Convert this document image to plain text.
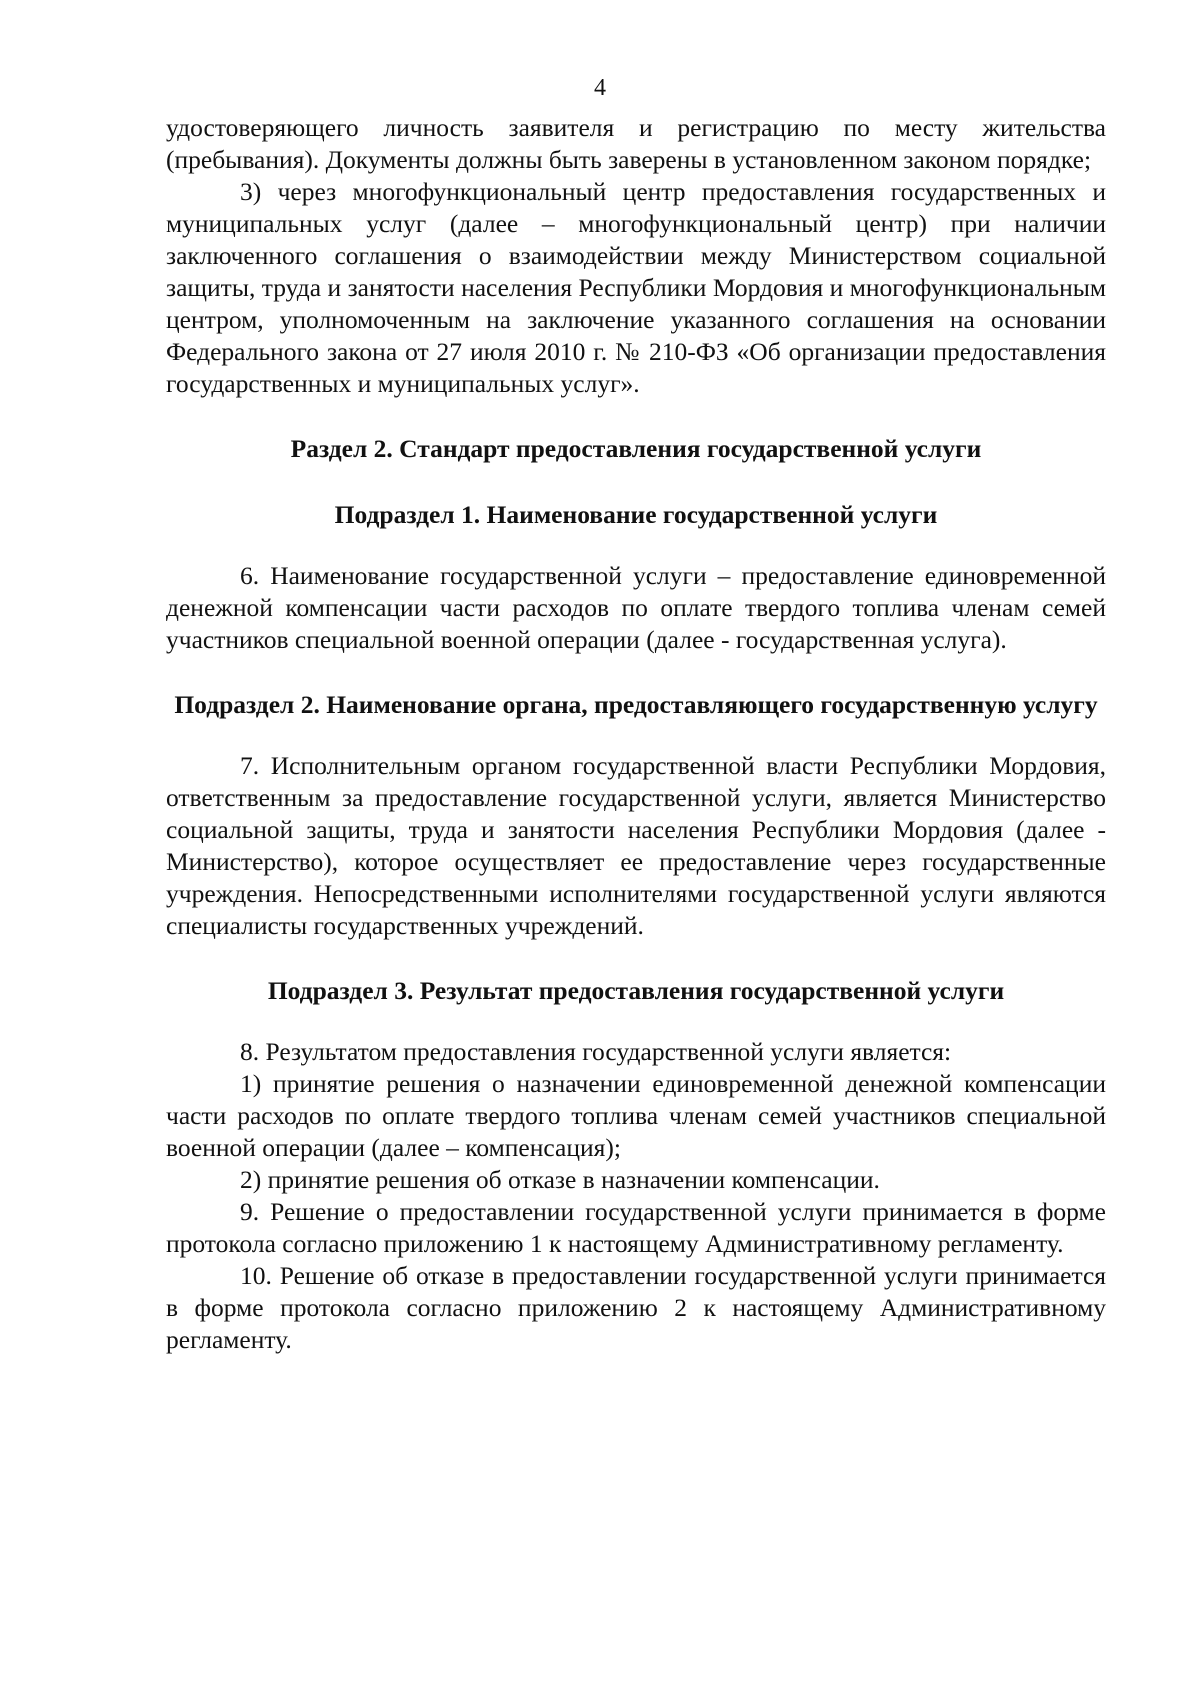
4

удостоверяющего личность заявителя и регистрацию по месту жительства (пребывания). Документы должны быть заверены в установленном законом порядке;

3) через многофункциональный центр предоставления государственных и муниципальных услуг (далее – многофункциональный центр) при наличии заключенного соглашения о взаимодействии между Министерством социальной защиты, труда и занятости населения Республики Мордовия и многофункциональным центром, уполномоченным на заключение указанного соглашения на основании Федерального закона от 27 июля 2010 г. № 210-ФЗ «Об организации предоставления государственных и муниципальных услуг».

Раздел 2. Стандарт предоставления государственной услуги
Подраздел 1. Наименование государственной услуги

6. Наименование государственной услуги – предоставление единовременной денежной компенсации части расходов по оплате твердого топлива членам семей участников специальной военной операции (далее - государственная услуга).

Подраздел 2. Наименование органа, предоставляющего государственную услугу

7. Исполнительным органом государственной власти Республики Мордовия, ответственным за предоставление государственной услуги, является Министерство социальной защиты, труда и занятости населения Республики Мордовия (далее - Министерство), которое осуществляет ее предоставление через государственные учреждения. Непосредственными исполнителями государственной услуги являются специалисты государственных учреждений.

Подраздел 3. Результат предоставления государственной услуги

8. Результатом предоставления государственной услуги является:

1) принятие решения о назначении единовременной денежной компенсации части расходов по оплате твердого топлива членам семей участников специальной военной операции (далее – компенсация);

2) принятие решения об отказе в назначении компенсации.

9. Решение о предоставлении государственной услуги принимается в форме протокола согласно приложению 1 к настоящему Административному регламенту.

10. Решение об отказе в предоставлении государственной услуги принимается в форме протокола согласно приложению 2 к настоящему Административному регламенту.
